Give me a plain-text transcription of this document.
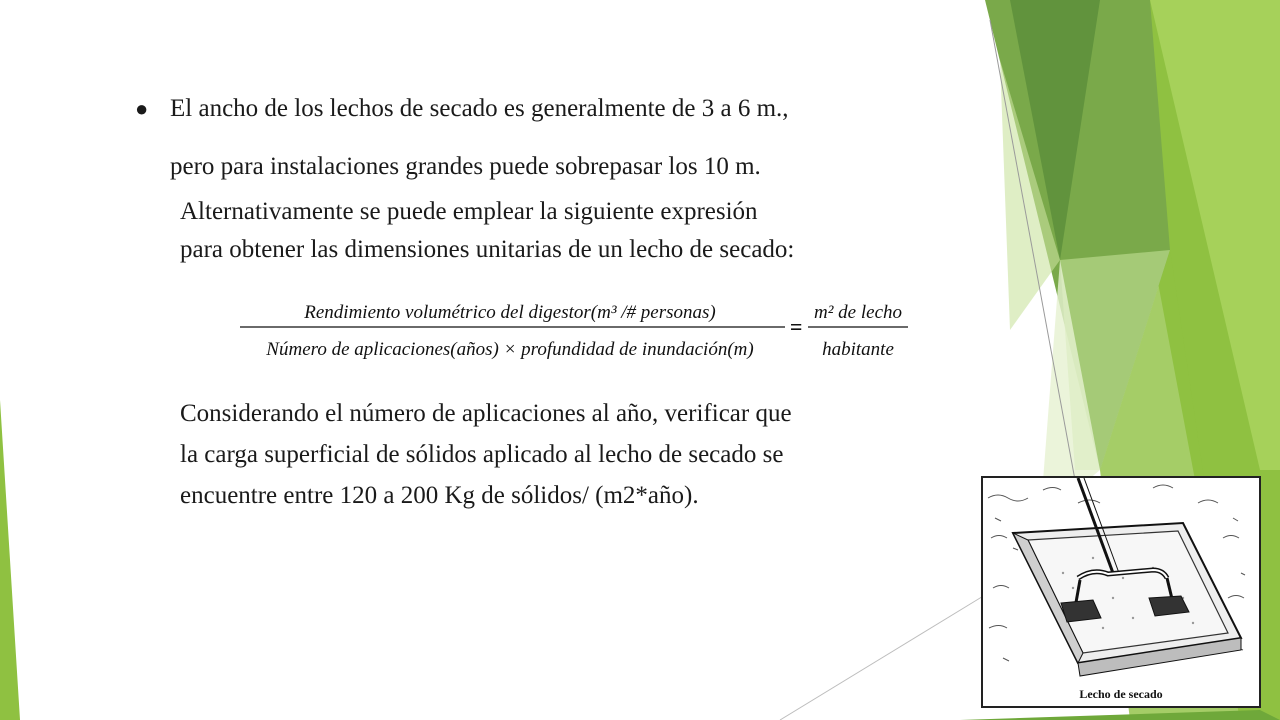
● El ancho de los lechos de secado es generalmente de 3 a 6 m.,
pero para instalaciones grandes puede sobrepasar los 10 m.
Alternativamente se puede emplear la siguiente expresión
para obtener las dimensiones unitarias de un lecho de secado:
Rendimiento volumétrico del digestor(m³ /# personas)
Número de aplicaciones(años) × profundidad de inundación(m)
=
m² de lecho
habitante
Considerando el número de aplicaciones al año, verificar que
la carga superficial de sólidos aplicado al lecho de secado se
encuentre entre 120 a 200 Kg de sólidos/ (m2*año).
Lecho de secado
